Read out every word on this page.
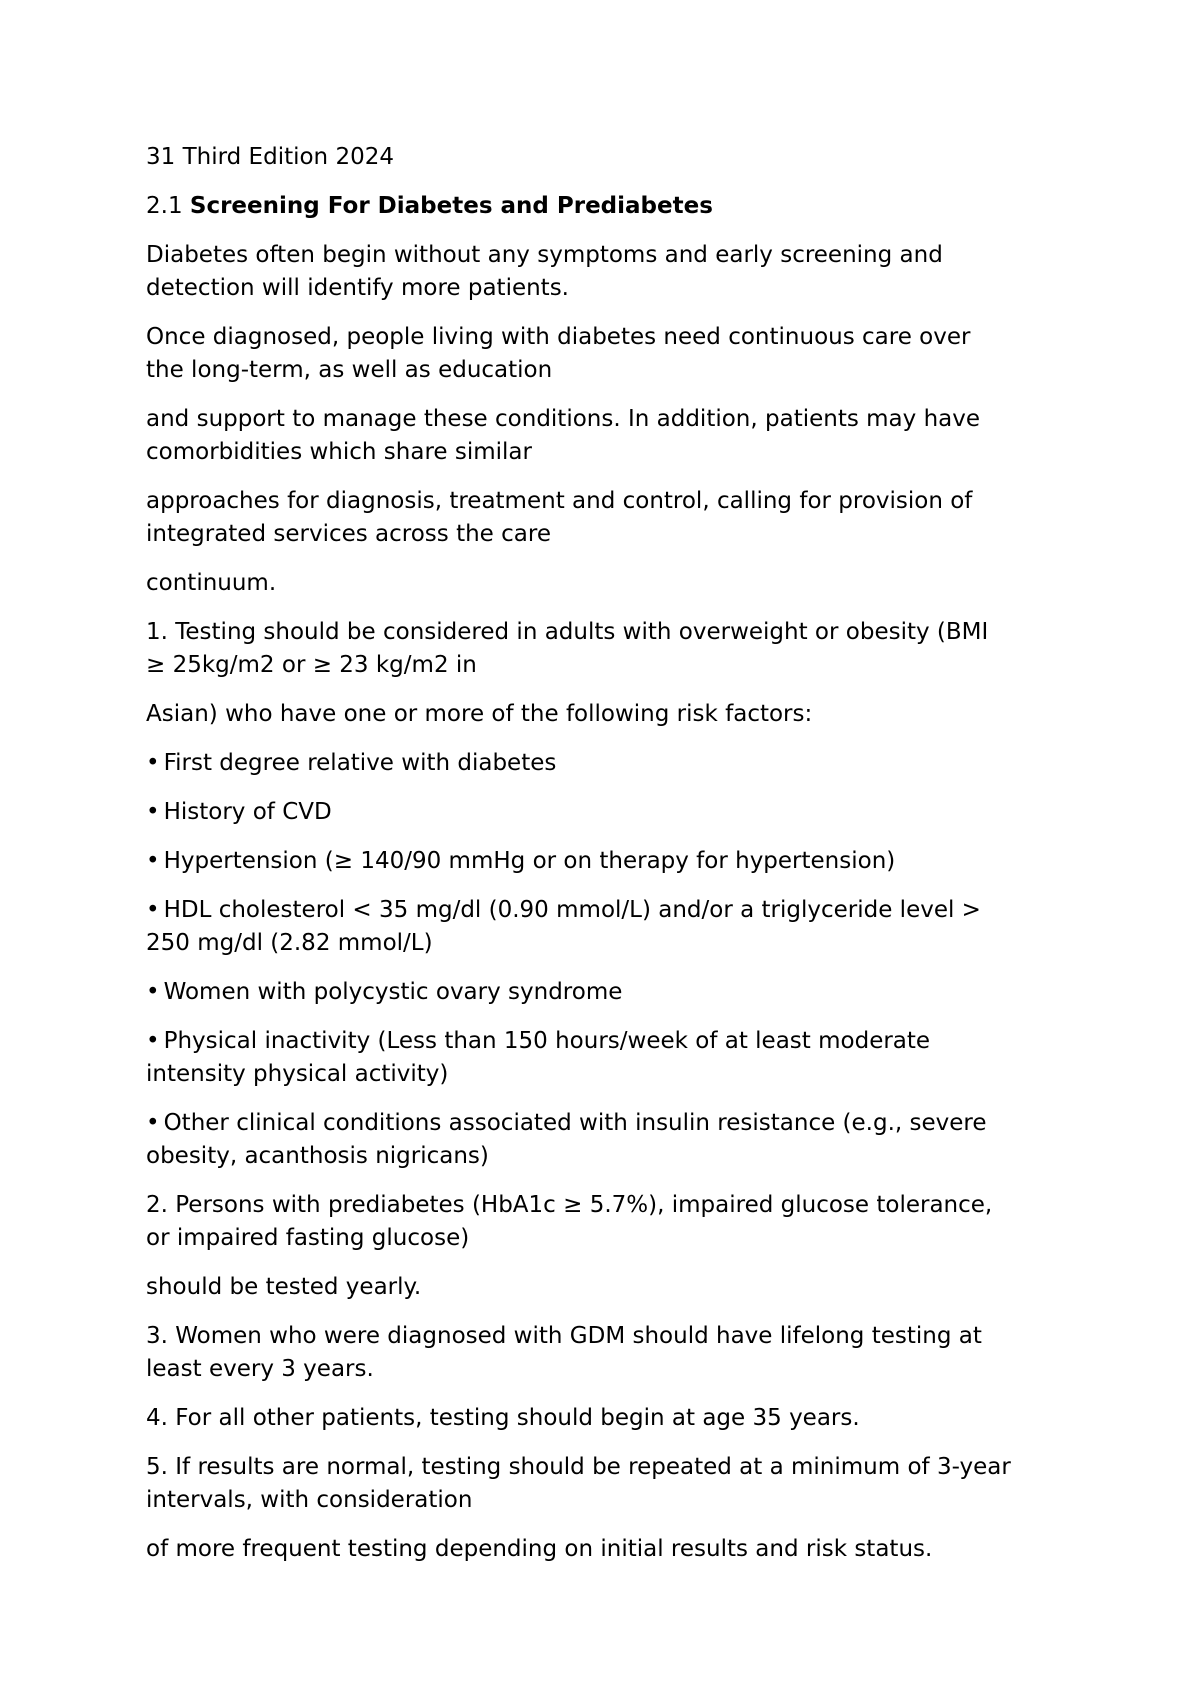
31 Third Edition 2024

2.1 Screening For Diabetes and Prediabetes

Diabetes often begin without any symptoms and early screening and
detection will identify more patients.

Once diagnosed, people living with diabetes need continuous care over
the long-term, as well as education

and support to manage these conditions. In addition, patients may have
comorbidities which share similar

approaches for diagnosis, treatment and control, calling for provision of
integrated services across the care

continuum.

1. Testing should be considered in adults with overweight or obesity (BMI
≥ 25kg/m2 or ≥ 23 kg/m2 in

Asian) who have one or more of the following risk factors:

• First degree relative with diabetes

• History of CVD

• Hypertension (≥ 140/90 mmHg or on therapy for hypertension)

• HDL cholesterol < 35 mg/dl (0.90 mmol/L) and/or a triglyceride level >
250 mg/dl (2.82 mmol/L)

• Women with polycystic ovary syndrome

• Physical inactivity (Less than 150 hours/week of at least moderate
intensity physical activity)

• Other clinical conditions associated with insulin resistance (e.g., severe
obesity, acanthosis nigricans)

2. Persons with prediabetes (HbA1c ≥ 5.7%), impaired glucose tolerance,
or impaired fasting glucose)

should be tested yearly.

3. Women who were diagnosed with GDM should have lifelong testing at
least every 3 years.

4. For all other patients, testing should begin at age 35 years.

5. If results are normal, testing should be repeated at a minimum of 3-year
intervals, with consideration

of more frequent testing depending on initial results and risk status.
